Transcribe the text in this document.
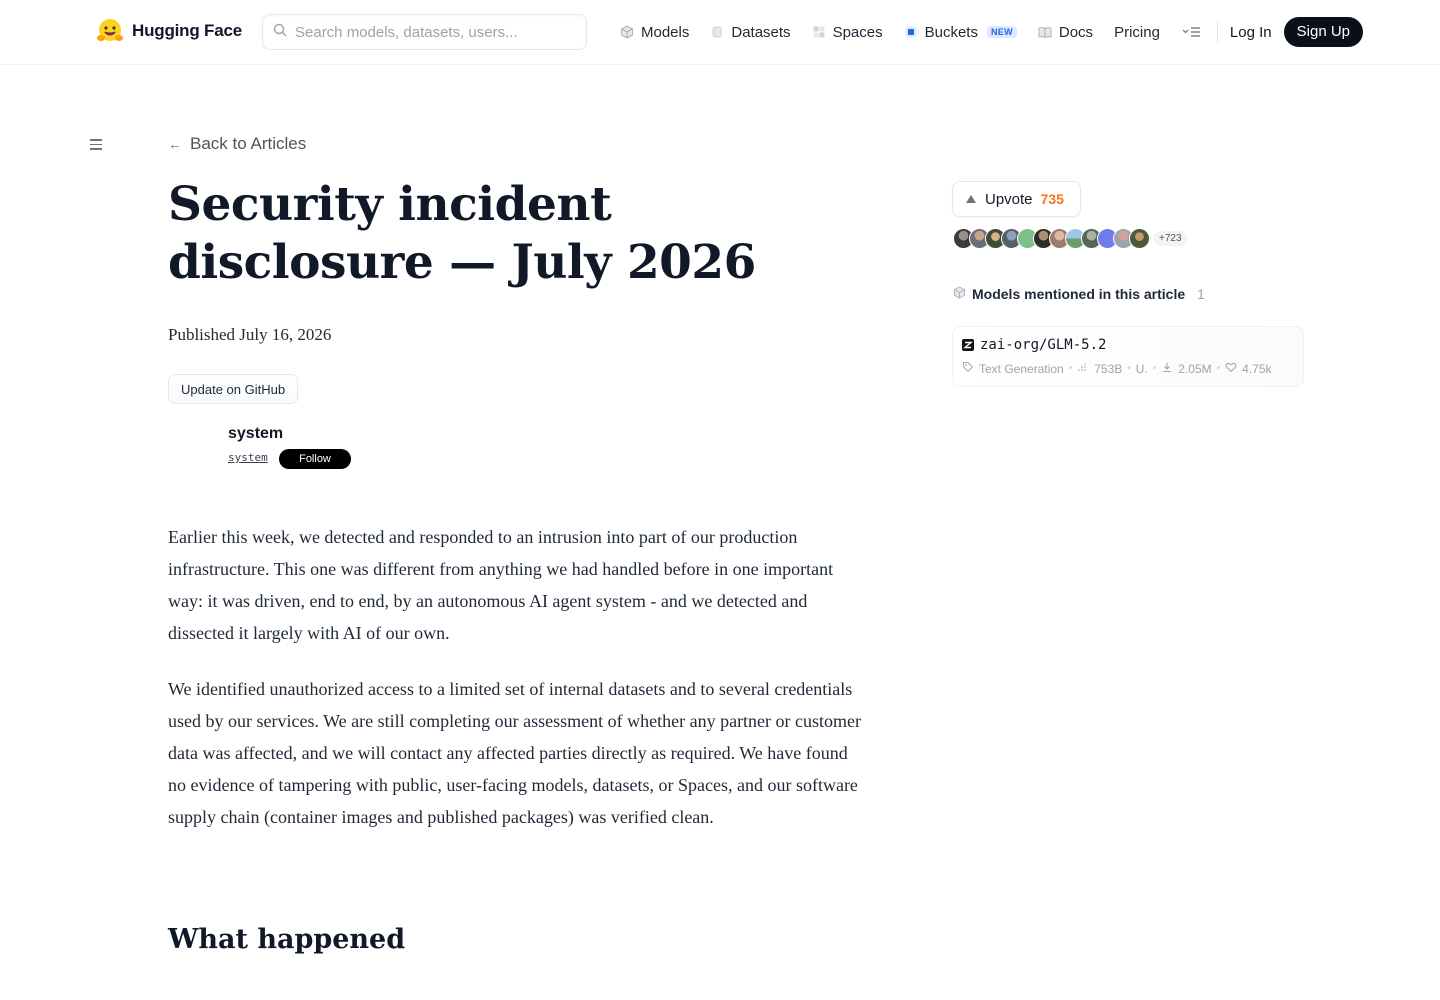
Hugging Face
Search models, datasets, users...	Models	Datasets	Spaces	Buckets	NEW	Docs Pricing	Log In	Sign Up
← Back to Articles
Security incident disclosure — July 2026
Published July 16, 2026
Update on GitHub
system
system	Follow

Earlier this week, we detected and responded to an intrusion into part of our production infrastructure. This one was different from anything we had handled before in one important way: it was driven, end to end, by an autonomous AI agent system - and we detected and dissected it largely with AI of our own.

We identified unauthorized access to a limited set of internal datasets and to several credentials used by our services. We are still completing our assessment of whether any partner or customer data was affected, and we will contact any affected parties directly as required. We have found no evidence of tampering with public, user-facing models, datasets, or Spaces, and our software supply chain (container images and published packages) was verified clean.

What happened
Upvote 735
+723
Models mentioned in this article 1
zai-org/GLM-5.2
Text Generation • 753B • U. • 2.05M • 4.75k
